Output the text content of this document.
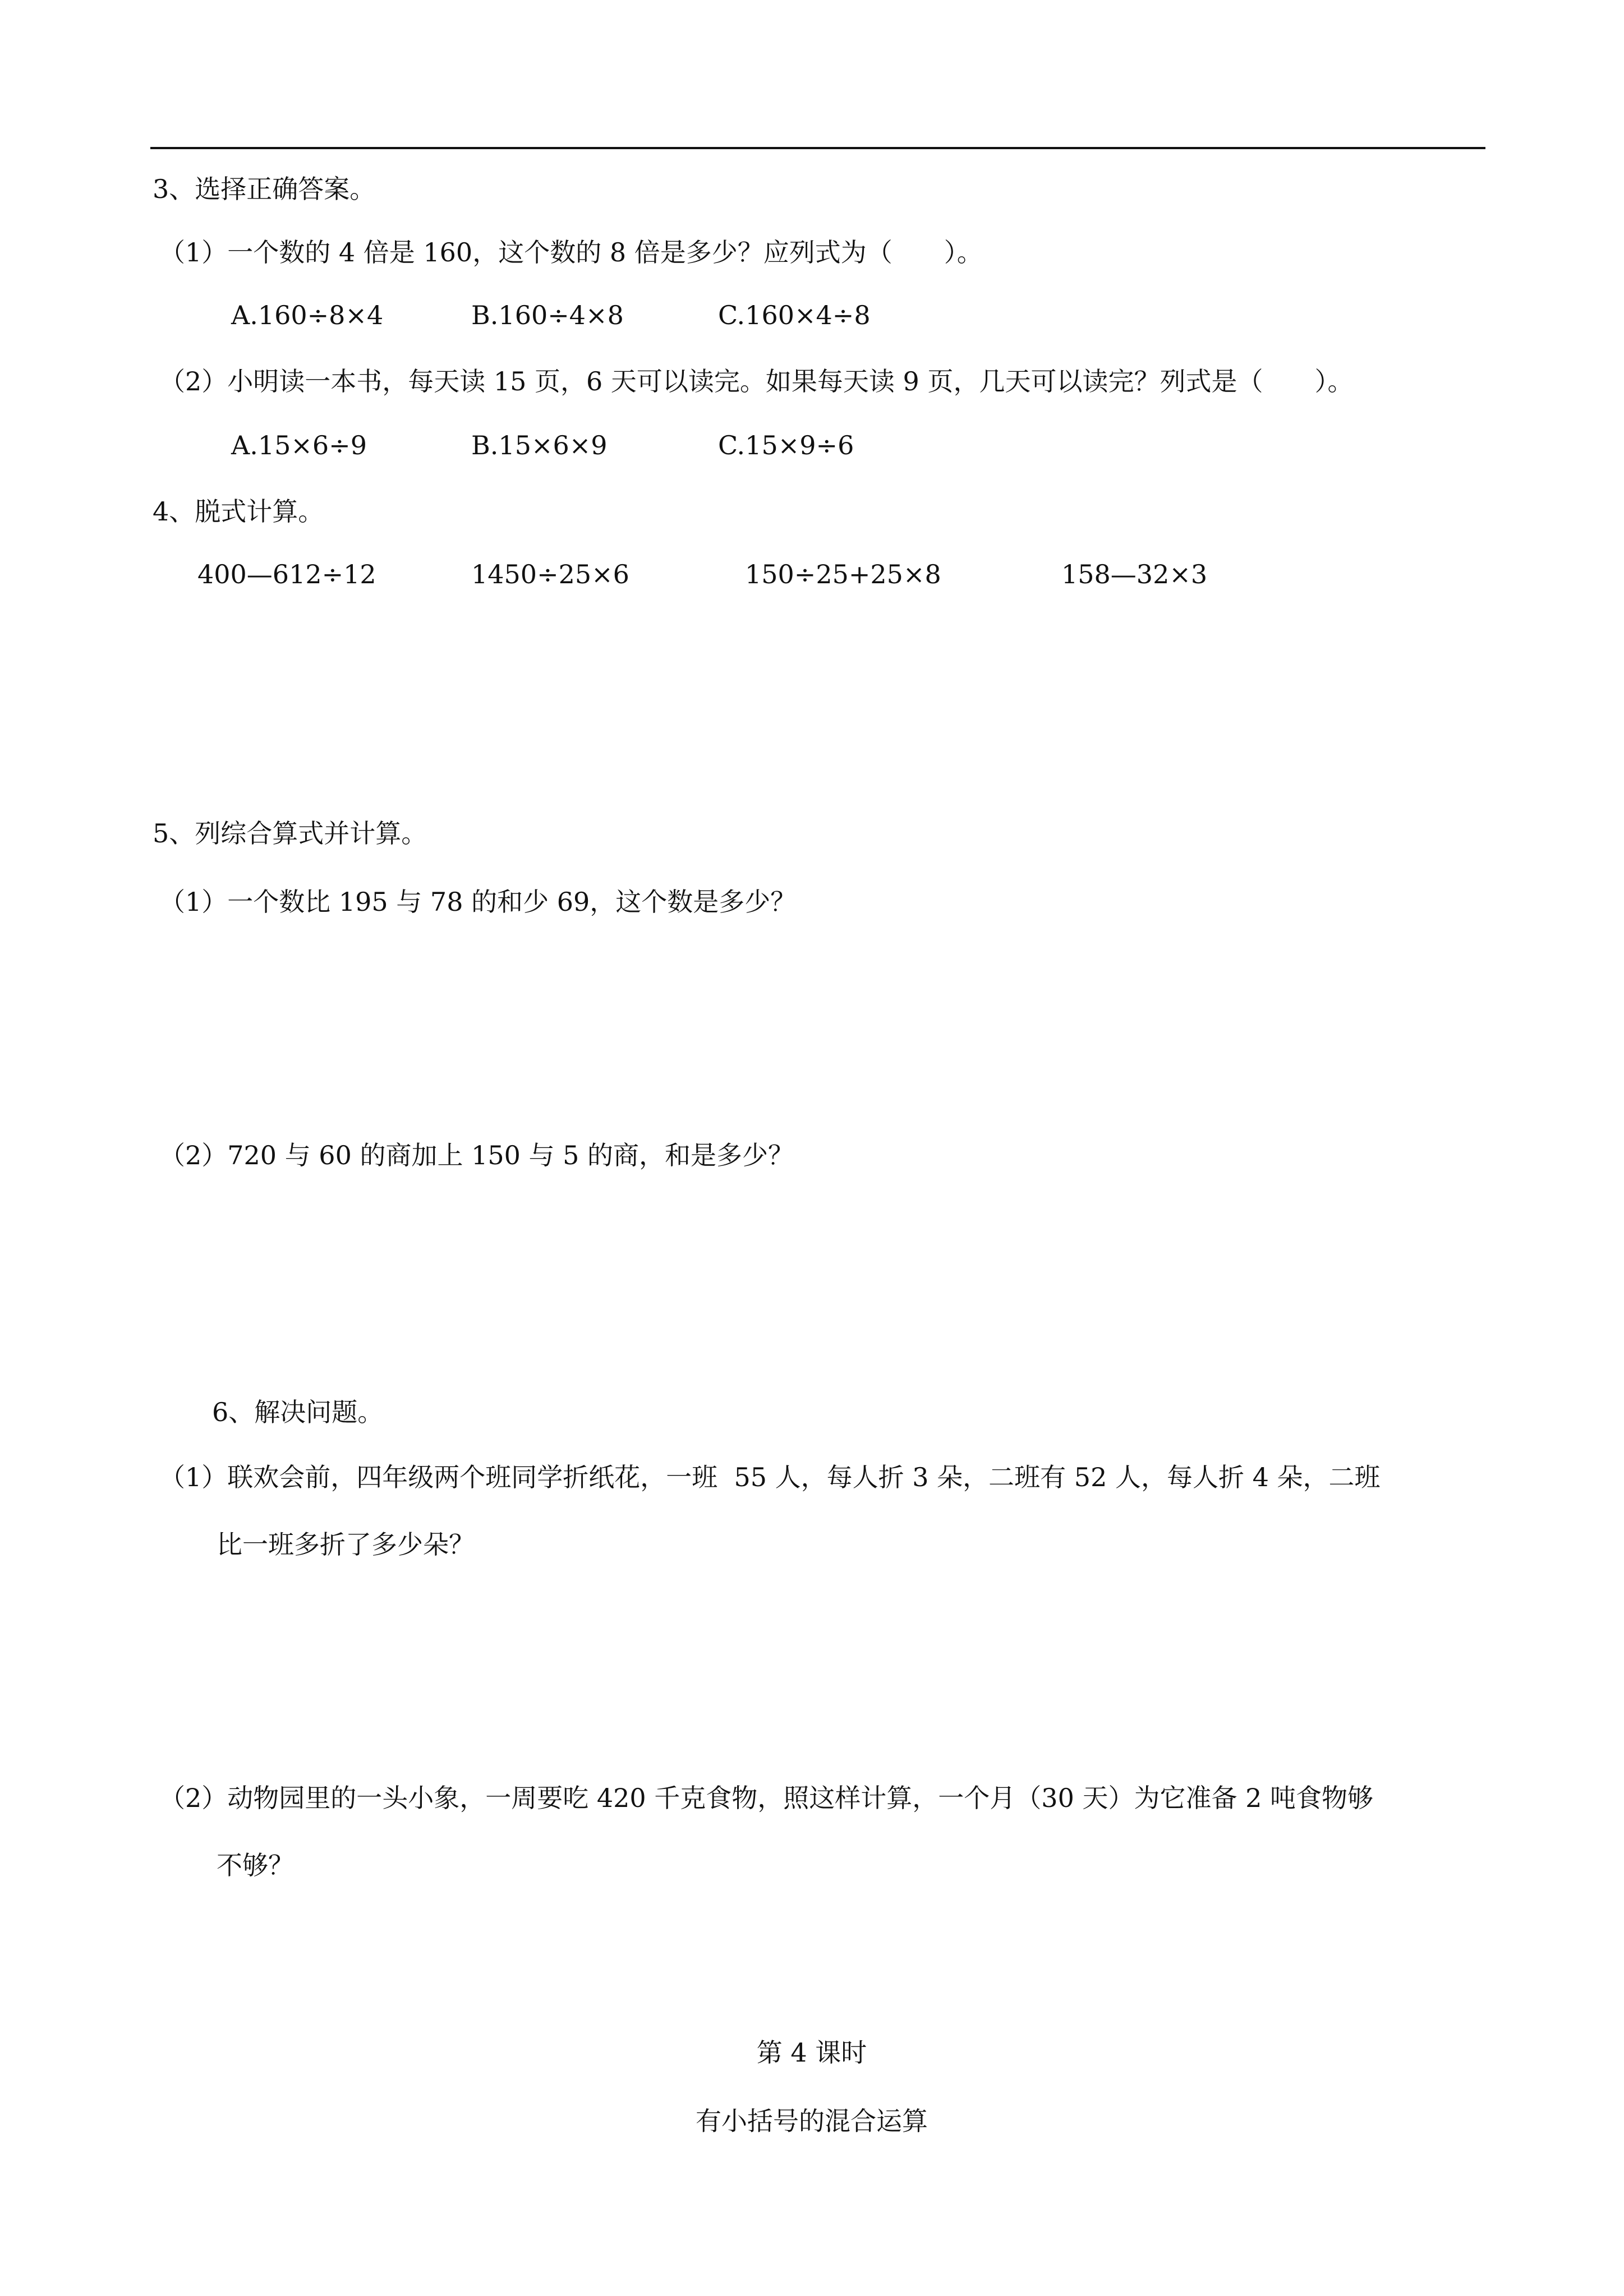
3、选择正确答案。
（1）一个数的 4 倍是 160，这个数的 8 倍是多少？应列式为（　　）。
A.160÷8×4	B.160÷4×8	C.160×4÷8
（2）小明读一本书，每天读 15 页，6 天可以读完。如果每天读 9 页，几天可以读完？列式是（　　）。
A.15×6÷9	B.15×6×9	C.15×9÷6
4、脱式计算。
400—612÷12	1450÷25×6	150÷25+25×8	158—32×3
5、列综合算式并计算。
（1）一个数比 195 与 78 的和少 69，这个数是多少？
（2）720 与 60 的商加上 150 与 5 的商，和是多少？
6、解决问题。
（1）联欢会前，四年级两个班同学折纸花，一班  55 人，每人折 3 朵，二班有 52 人，每人折 4 朵，二班
比一班多折了多少朵？
（2）动物园里的一头小象，一周要吃 420 千克食物，照这样计算，一个月（30 天）为它准备 2 吨食物够
不够？
第 4 课时
有小括号的混合运算
